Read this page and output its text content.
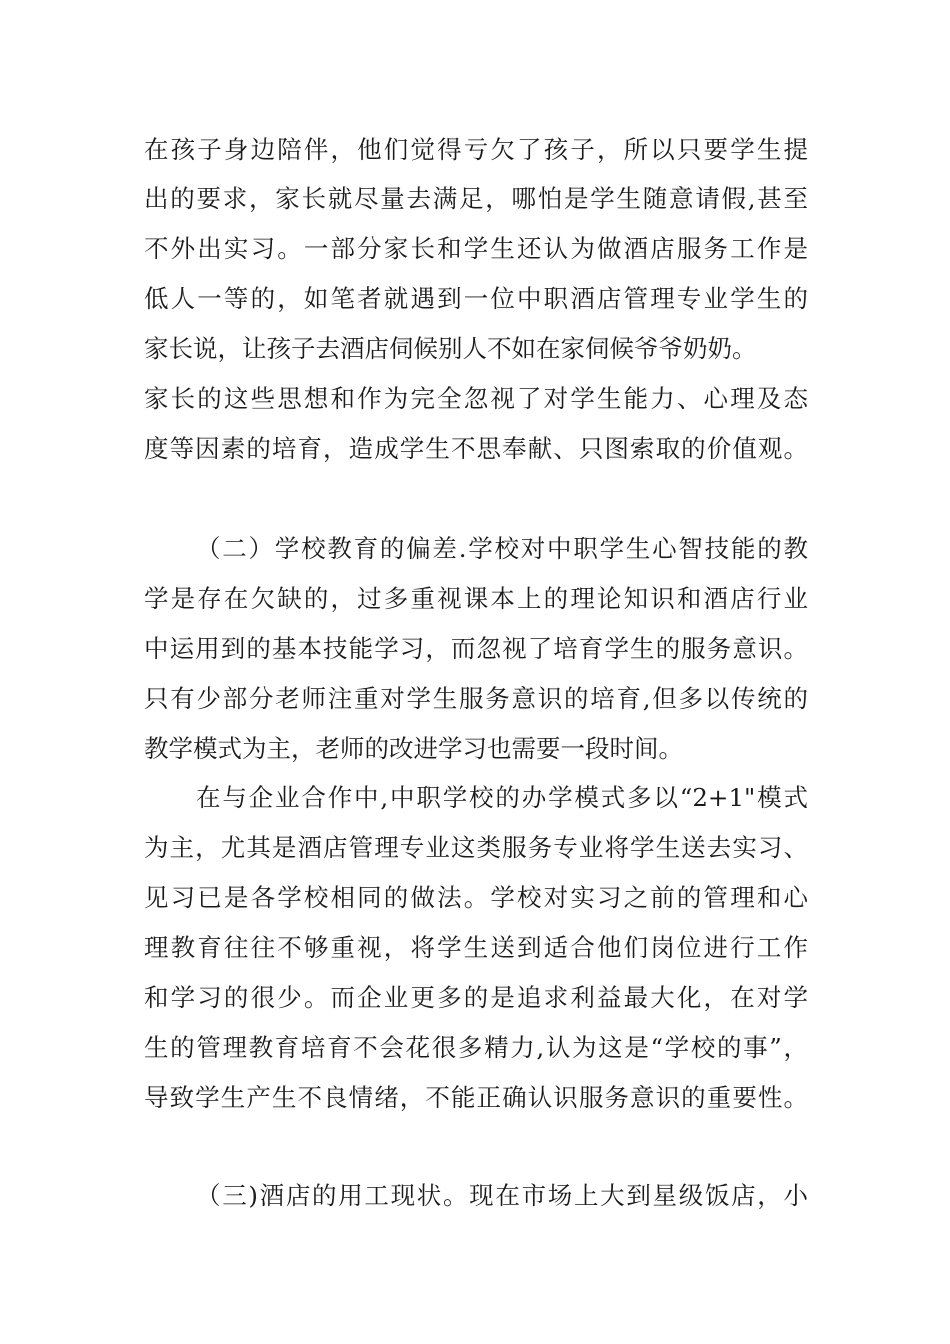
在孩子身边陪伴，他们觉得亏欠了孩子，所以只要学生提
出的要求，家长就尽量去满足，哪怕是学生随意请假,甚至
不外出实习。一部分家长和学生还认为做酒店服务工作是
低人一等的，如笔者就遇到一位中职酒店管理专业学生的
家长说，让孩子去酒店伺候别人不如在家伺候爷爷奶奶。
家长的这些思想和作为完全忽视了对学生能力、心理及态
度等因素的培育，造成学生不思奉献、只图索取的价值观。
（二）学校教育的偏差.学校对中职学生心智技能的教
学是存在欠缺的，过多重视课本上的理论知识和酒店行业
中运用到的基本技能学习，而忽视了培育学生的服务意识。
只有少部分老师注重对学生服务意识的培育,但多以传统的
教学模式为主，老师的改进学习也需要一段时间。
在与企业合作中,中职学校的办学模式多以“2+1"模式
为主，尤其是酒店管理专业这类服务专业将学生送去实习、
见习已是各学校相同的做法。学校对实习之前的管理和心
理教育往往不够重视，将学生送到适合他们岗位进行工作
和学习的很少。而企业更多的是追求利益最大化，在对学
生的管理教育培育不会花很多精力,认为这是“学校的事”，
导致学生产生不良情绪，不能正确认识服务意识的重要性。
（三)酒店的用工现状。现在市场上大到星级饭店，小
